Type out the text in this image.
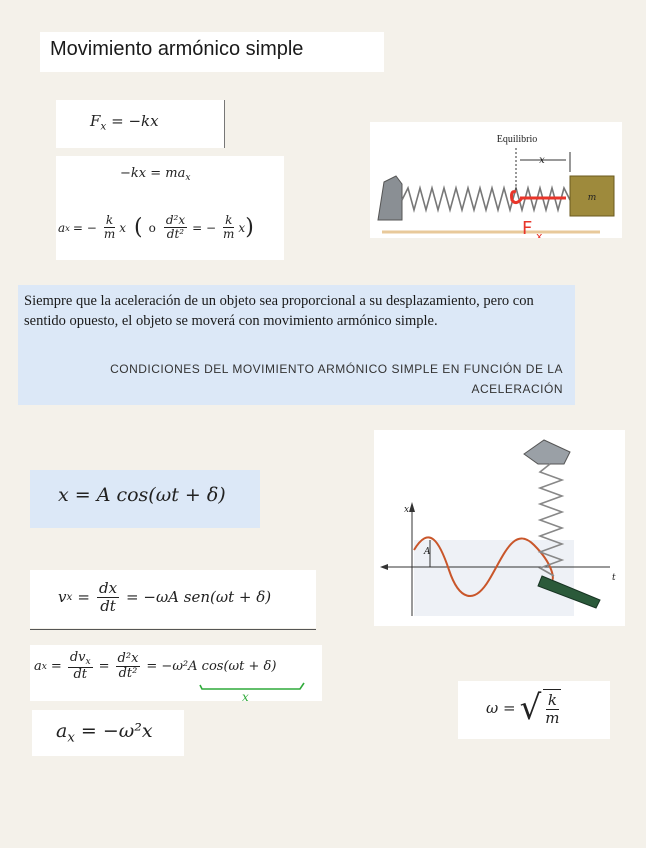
Movimiento armónico simple
$F_x = -kx$
$-kx = ma_x$
a x = − $\frac{k}{m}$ x ( o $\frac{\text{d²x}}{\text{dt²}}$ = − $\frac{k}{m}$ x )
m
Equilibrio
x
F x
Siempre que la aceleración de un objeto sea proporcional a su desplazamiento, pero con sentido opuesto, el objeto se moverá con movimiento armónico simple.
CONDICIONES DEL MOVIMIENTO ARMÓNICO SIMPLE EN FUNCIÓN DE LA ACELERACIÓN
x = A cos(ωt + δ)
x
t
A
v $x = \frac{dx}{dt} = -\omega A$ sen(ωt + δ)
a $x = \frac{dv_x}{dt} = \frac{\text{d²x}}{\text{dt²}} = -\omega^2$ A cos(ωt + δ)
x
$a_x = -\omega^2x$
ω = √ $\frac{k}{m}$
